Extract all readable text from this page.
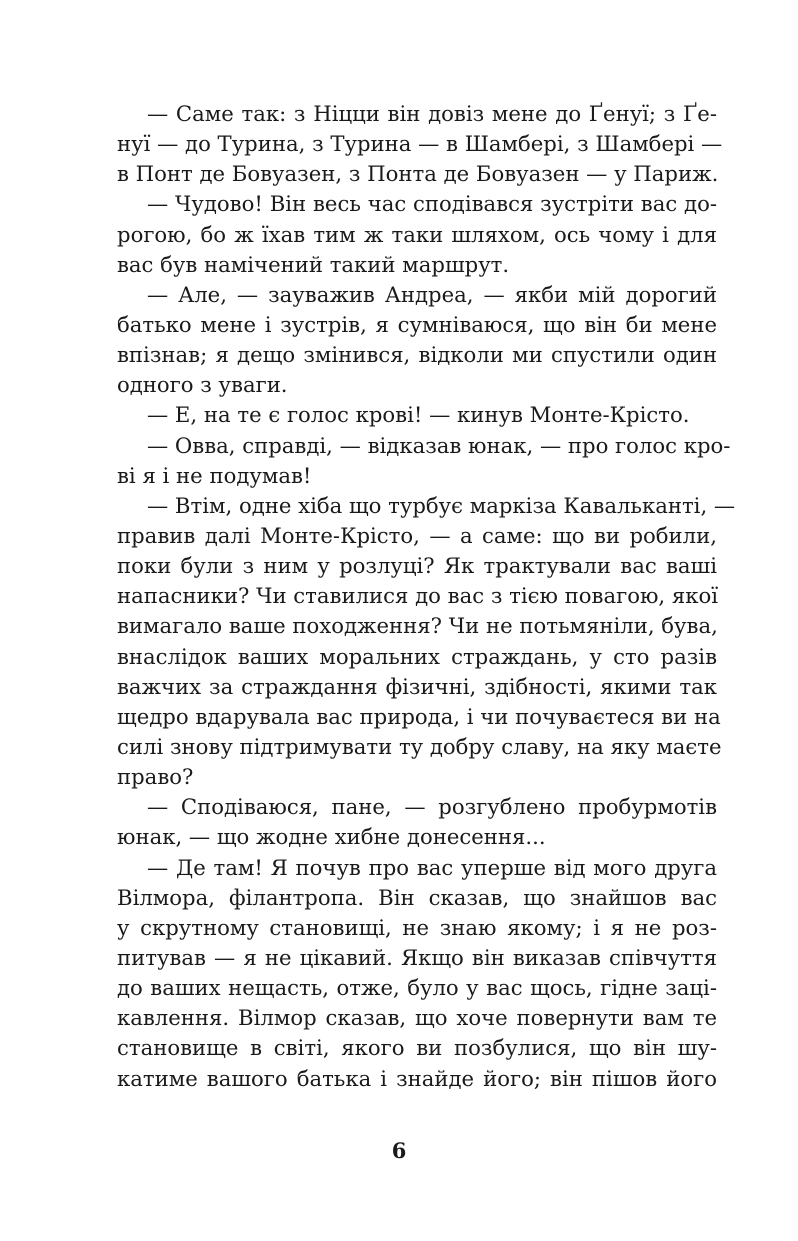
— Саме так: з Ніцци він довіз мене до Ґенуї; з Ґе-
нуї — до Турина, з Турина — в Шамбері, з Шамбері —
в Понт де Бовуазен, з Понта де Бовуазен — у Париж.
— Чудово! Він весь час сподівався зустріти вас до-
рогою, бо ж їхав тим ж таки шляхом, ось чому і для
вас був намічений такий маршрут.
— Але, — зауважив Андреа, — якби мій дорогий
батько мене і зустрів, я сумніваюся, що він би мене
впізнав; я дещо змінився, відколи ми спустили один
одного з уваги.
— Е, на те є голос крові! — кинув Монте-Крісто.
— Овва, справді, — відказав юнак, — про голос кро-
ві я і не подумав!
— Втім, одне хіба що турбує маркіза Кавальканті, —
правив далі Монте-Крісто, — а саме: що ви робили,
поки були з ним у розлуці? Як трактували вас ваші
напасники? Чи ставилися до вас з тією повагою, якої
вимагало ваше походження? Чи не потьмяніли, бува,
внаслідок ваших моральних страждань, у сто разів
важчих за страждання фізичні, здібності, якими так
щедро вдарувала вас природа, і чи почуваєтеся ви на
силі знову підтримувати ту добру славу, на яку маєте
право?
— Сподіваюся, пане, — розгублено пробурмотів
юнак, — що жодне хибне донесення...
— Де там! Я почув про вас уперше від мого друга
Вілмора, філантропа. Він сказав, що знайшов вас
у скрутному становищі, не знаю якому; і я не роз-
питував — я не цікавий. Якщо він виказав співчуття
до ваших нещасть, отже, було у вас щось, гідне заці-
кавлення. Вілмор сказав, що хоче повернути вам те
становище в світі, якого ви позбулися, що він шу-
катиме вашого батька і знайде його; він пішов його
6
